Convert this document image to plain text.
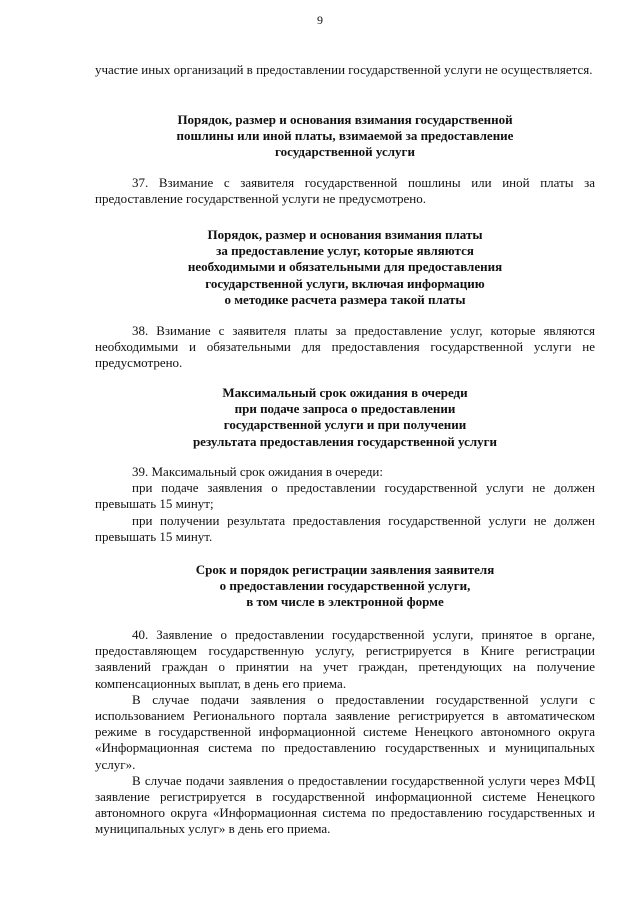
9

участие иных организаций в предоставлении государственной услуги не осуществляется.

Порядок, размер и основания взимания государственной
пошлины или иной платы, взимаемой за предоставление
государственной услуги

37. Взимание с заявителя государственной пошлины или иной платы за предоставление государственной услуги не предусмотрено.

Порядок, размер и основания взимания платы
за предоставление услуг, которые являются
необходимыми и обязательными для предоставления
государственной услуги, включая информацию
о методике расчета размера такой платы

38. Взимание с заявителя платы за предоставление услуг, которые являются необходимыми и обязательными для предоставления государственной услуги не предусмотрено.

Максимальный срок ожидания в очереди
при подаче запроса о предоставлении
государственной услуги и при получении
результата предоставления государственной услуги

39. Максимальный срок ожидания в очереди:

при подаче заявления о предоставлении государственной услуги не должен превышать 15 минут;

при получении результата предоставления государственной услуги не должен превышать 15 минут.

Срок и порядок регистрации заявления заявителя
о предоставлении государственной услуги,
в том числе в электронной форме

40. Заявление о предоставлении государственной услуги, принятое в органе, предоставляющем государственную услугу, регистрируется в Книге регистрации заявлений граждан о принятии на учет граждан, претендующих на получение компенсационных выплат, в день его приема.

В случае подачи заявления о предоставлении государственной услуги с использованием Регионального портала заявление регистрируется в автоматическом режиме в государственной информационной системе Ненецкого автономного округа «Информационная система по предоставлению государственных и муниципальных услуг».

В случае подачи заявления о предоставлении государственной услуги через МФЦ заявление регистрируется в государственной информационной системе Ненецкого автономного округа «Информационная система по предоставлению государственных и муниципальных услуг» в день его приема.
